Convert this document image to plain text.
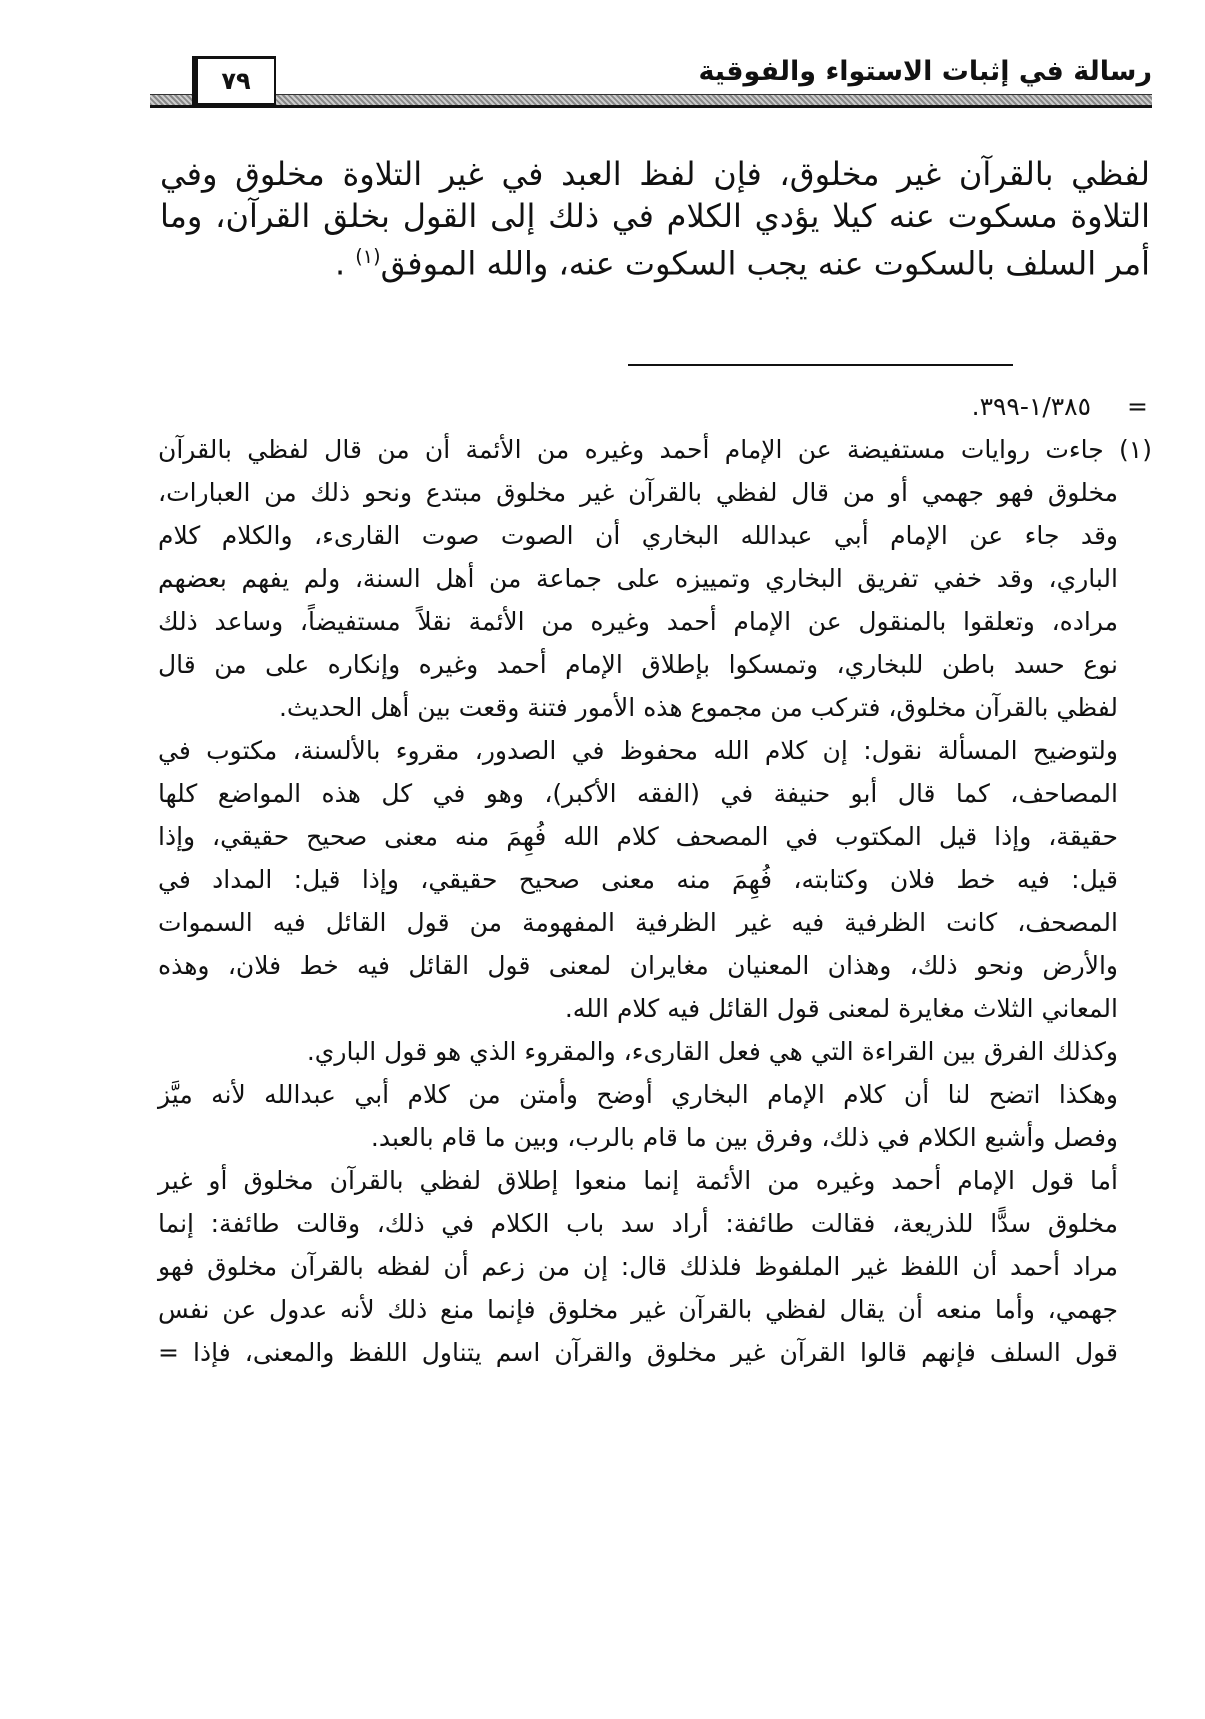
٧٩	رسالة في إثبات الاستواء والفوقية
لفظي بالقرآن غير مخلوق، فإن لفظ العبد في غير التلاوة مخلوق وفي
التلاوة مسكوت عنه كيلا يؤدي الكلام في ذلك إلى القول بخلق القرآن، وما
أمر السلف بالسكوت عنه يجب السكوت عنه، والله الموفق$^{(١)}$ .
=
١/٣٨٥-٣٩٩.
(١) جاءت روايات مستفيضة عن الإمام أحمد وغيره من الأئمة أن من قال لفظي بالقرآن
مخلوق فهو جهمي أو من قال لفظي بالقرآن غير مخلوق مبتدع ونحو ذلك من العبارات،
وقد جاء عن الإمام أبي عبدالله البخاري أن الصوت صوت القارىء، والكلام كلام
الباري، وقد خفي تفريق البخاري وتمييزه على جماعة من أهل السنة، ولم يفهم بعضهم
مراده، وتعلقوا بالمنقول عن الإمام أحمد وغيره من الأئمة نقلاً مستفيضاً، وساعد ذلك
نوع حسد باطن للبخاري، وتمسكوا بإطلاق الإمام أحمد وغيره وإنكاره على من قال
لفظي بالقرآن مخلوق، فتركب من مجموع هذه الأمور فتنة وقعت بين أهل الحديث.
ولتوضيح المسألة نقول: إن كلام الله محفوظ في الصدور، مقروء بالألسنة، مكتوب في
المصاحف، كما قال أبو حنيفة في (الفقه الأكبر)، وهو في كل هذه المواضع كلها
حقيقة، وإذا قيل المكتوب في المصحف كلام الله فُهِمَ منه معنى صحيح حقيقي، وإذا
قيل: فيه خط فلان وكتابته، فُهِمَ منه معنى صحيح حقيقي، وإذا قيل: المداد في
المصحف، كانت الظرفية فيه غير الظرفية المفهومة من قول القائل فيه السموات
والأرض ونحو ذلك، وهذان المعنيان مغايران لمعنى قول القائل فيه خط فلان، وهذه
المعاني الثلاث مغايرة لمعنى قول القائل فيه كلام الله.
وكذلك الفرق بين القراءة التي هي فعل القارىء، والمقروء الذي هو قول الباري.
وهكذا اتضح لنا أن كلام الإمام البخاري أوضح وأمتن من كلام أبي عبدالله لأنه ميَّز
وفصل وأشبع الكلام في ذلك، وفرق بين ما قام بالرب، وبين ما قام بالعبد.
أما قول الإمام أحمد وغيره من الأئمة إنما منعوا إطلاق لفظي بالقرآن مخلوق أو غير
مخلوق سدًّا للذريعة، فقالت طائفة: أراد سد باب الكلام في ذلك، وقالت طائفة: إنما
مراد أحمد أن اللفظ غير الملفوظ فلذلك قال: إن من زعم أن لفظه بالقرآن مخلوق فهو
جهمي، وأما منعه أن يقال لفظي بالقرآن غير مخلوق فإنما منع ذلك لأنه عدول عن نفس
قول السلف فإنهم قالوا القرآن غير مخلوق والقرآن اسم يتناول اللفظ والمعنى، فإذا =
